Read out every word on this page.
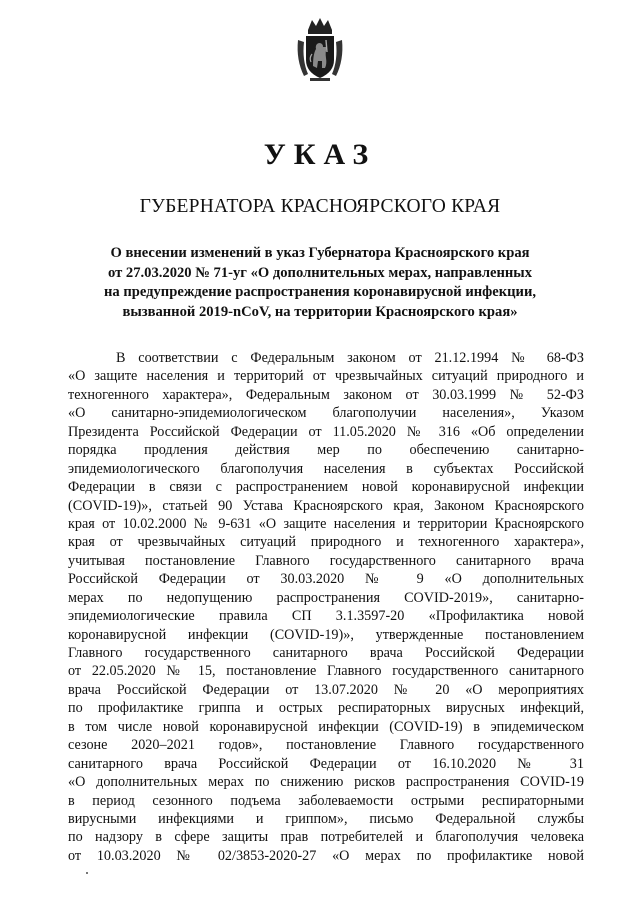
УКАЗ
ГУБЕРНАТОРА КРАСНОЯРСКОГО КРАЯ
О внесении изменений в указ Губернатора Красноярского края
от 27.03.2020 № 71-уг «О дополнительных мерах, направленных
на предупреждение распространения коронавирусной инфекции,
вызванной 2019-nCoV, на территории Красноярского края»
В соответствии с Федеральным законом от 21.12.1994 № 68-ФЗ
«О защите населения и территорий от чрезвычайных ситуаций природного и
техногенного характера», Федеральным законом от 30.03.1999 № 52-ФЗ
«О санитарно-эпидемиологическом благополучии населения», Указом
Президента Российской Федерации от 11.05.2020 № 316 «Об определении
порядка продления действия мер по обеспечению санитарно-
эпидемиологического благополучия населения в субъектах Российской
Федерации в связи с распространением новой коронавирусной инфекции
(COVID-19)», статьей 90 Устава Красноярского края, Законом Красноярского
края от 10.02.2000 № 9-631 «О защите населения и территории Красноярского
края от чрезвычайных ситуаций природного и техногенного характера»,
учитывая постановление Главного государственного санитарного врача
Российской Федерации от 30.03.2020 № 9 «О дополнительных
мерах по недопущению распространения COVID-2019», санитарно-
эпидемиологические правила СП 3.1.3597-20 «Профилактика новой
коронавирусной инфекции (COVID-19)», утвержденные постановлением
Главного государственного санитарного врача Российской Федерации
от 22.05.2020 № 15, постановление Главного государственного санитарного
врача Российской Федерации от 13.07.2020 № 20 «О мероприятиях
по профилактике гриппа и острых респираторных вирусных инфекций,
в том числе новой коронавирусной инфекции (COVID-19) в эпидемическом
сезоне 2020–2021 годов», постановление Главного государственного
санитарного врача Российской Федерации от 16.10.2020 № 31
«О дополнительных мерах по снижению рисков распространения COVID-19
в период сезонного подъема заболеваемости острыми респираторными
вирусными инфекциями и гриппом», письмо Федеральной службы
по надзору в сфере защиты прав потребителей и благополучия человека
от 10.03.2020 № 02/3853-2020-27 «О мерах по профилактике новой
